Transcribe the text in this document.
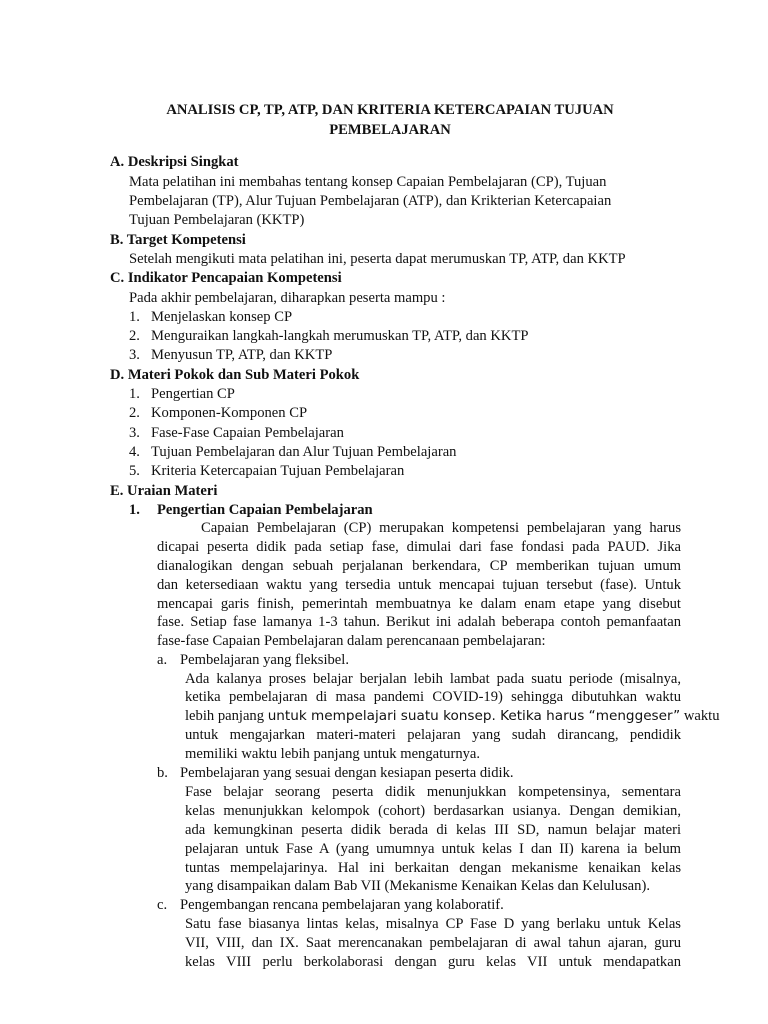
ANALISIS CP, TP, ATP, DAN KRITERIA KETERCAPAIAN TUJUAN
PEMBELAJARAN
A. Deskripsi Singkat
Mata pelatihan ini membahas tentang konsep Capaian Pembelajaran (CP), Tujuan
Pembelajaran (TP), Alur Tujuan Pembelajaran (ATP), dan Krikterian Ketercapaian
Tujuan Pembelajaran (KKTP)
B. Target Kompetensi
Setelah mengikuti mata pelatihan ini, peserta dapat merumuskan TP, ATP, dan KKTP
C. Indikator Pencapaian Kompetensi
Pada akhir pembelajaran, diharapkan peserta mampu :
1. Menjelaskan konsep CP
2. Menguraikan langkah-langkah merumuskan TP, ATP, dan KKTP
3. Menyusun TP, ATP, dan KKTP
D. Materi Pokok dan Sub Materi Pokok
1. Pengertian CP
2. Komponen-Komponen CP
3. Fase-Fase Capaian Pembelajaran
4. Tujuan Pembelajaran dan Alur Tujuan Pembelajaran
5. Kriteria Ketercapaian Tujuan Pembelajaran
E. Uraian Materi
1. Pengertian Capaian Pembelajaran
Capaian Pembelajaran (CP) merupakan kompetensi pembelajaran yang harus
dicapai peserta didik pada setiap fase, dimulai dari fase fondasi pada PAUD. Jika
dianalogikan dengan sebuah perjalanan berkendara, CP memberikan tujuan umum
dan ketersediaan waktu yang tersedia untuk mencapai tujuan tersebut (fase). Untuk
mencapai garis finish, pemerintah membuatnya ke dalam enam etape yang disebut
fase. Setiap fase lamanya 1-3 tahun. Berikut ini adalah beberapa contoh pemanfaatan
fase-fase Capaian Pembelajaran dalam perencanaan pembelajaran:
a. Pembelajaran yang fleksibel.
Ada kalanya proses belajar berjalan lebih lambat pada suatu periode (misalnya,
ketika pembelajaran di masa pandemi COVID-19) sehingga dibutuhkan waktu
lebih panjang untuk mempelajari suatu konsep. Ketika harus “menggeser” waktu
untuk mengajarkan materi-materi pelajaran yang sudah dirancang, pendidik
memiliki waktu lebih panjang untuk mengaturnya.
b. Pembelajaran yang sesuai dengan kesiapan peserta didik.
Fase belajar seorang peserta didik menunjukkan kompetensinya, sementara
kelas menunjukkan kelompok (cohort) berdasarkan usianya. Dengan demikian,
ada kemungkinan peserta didik berada di kelas III SD, namun belajar materi
pelajaran untuk Fase A (yang umumnya untuk kelas I dan II) karena ia belum
tuntas mempelajarinya. Hal ini berkaitan dengan mekanisme kenaikan kelas
yang disampaikan dalam Bab VII (Mekanisme Kenaikan Kelas dan Kelulusan).
c. Pengembangan rencana pembelajaran yang kolaboratif.
Satu fase biasanya lintas kelas, misalnya CP Fase D yang berlaku untuk Kelas
VII, VIII, dan IX. Saat merencanakan pembelajaran di awal tahun ajaran, guru
kelas VIII perlu berkolaborasi dengan guru kelas VII untuk mendapatkan
